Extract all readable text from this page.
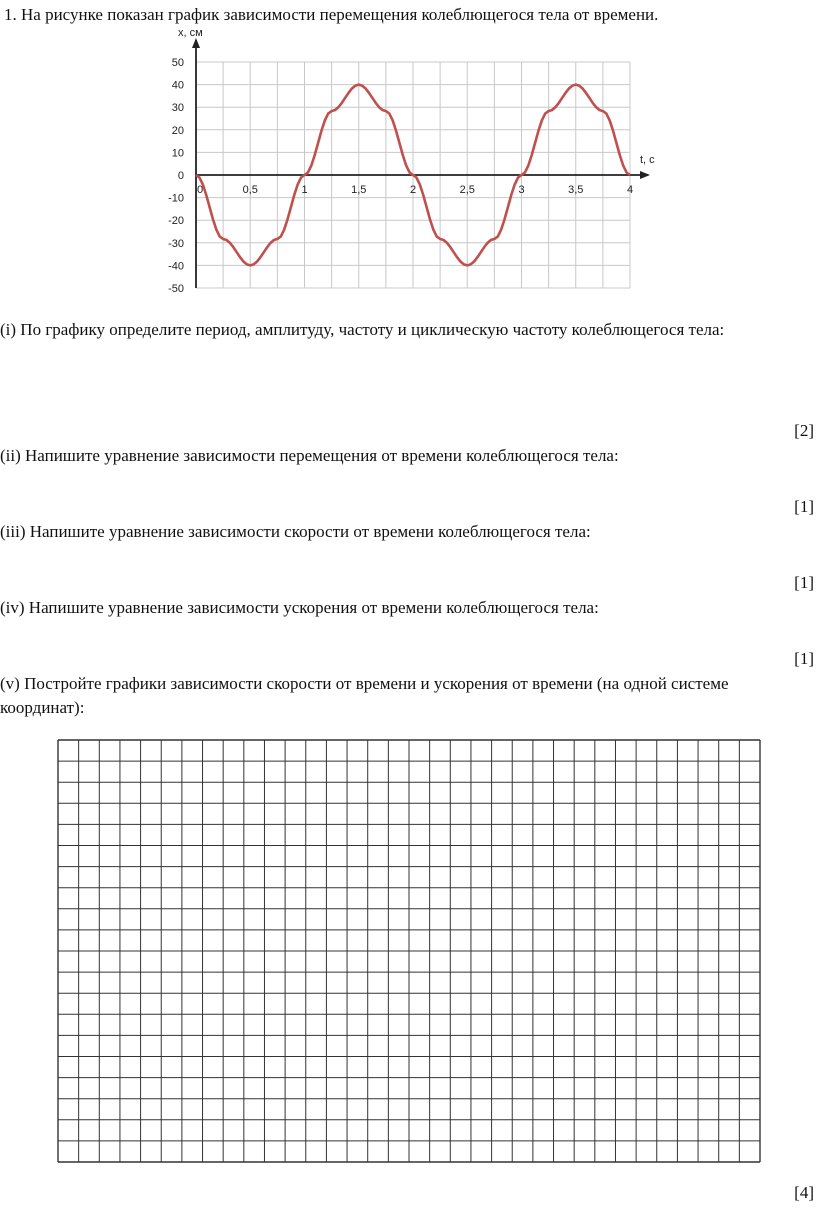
1. На рисунке показан график зависимости перемещения колеблющегося тела от времени.
50
40
30
20
10
0
-10
-20
-30
-40
-50
0	0,5	1	1,5	2	2,5	3	3,5	4
x, см
t, с
(i) По графику определите период, амплитуду, частоту и циклическую частоту колеблющегося тела:
[2]
(ii) Напишите уравнение зависимости перемещения от времени колеблющегося тела:
[1]
(iii) Напишите уравнение зависимости скорости от времени колеблющегося тела:
[1]
(iv) Напишите уравнение зависимости ускорения от времени колеблющегося тела:
[1]
(v) Постройте графики зависимости скорости от времени и ускорения от времени (на одной системе
координат):
[4]
